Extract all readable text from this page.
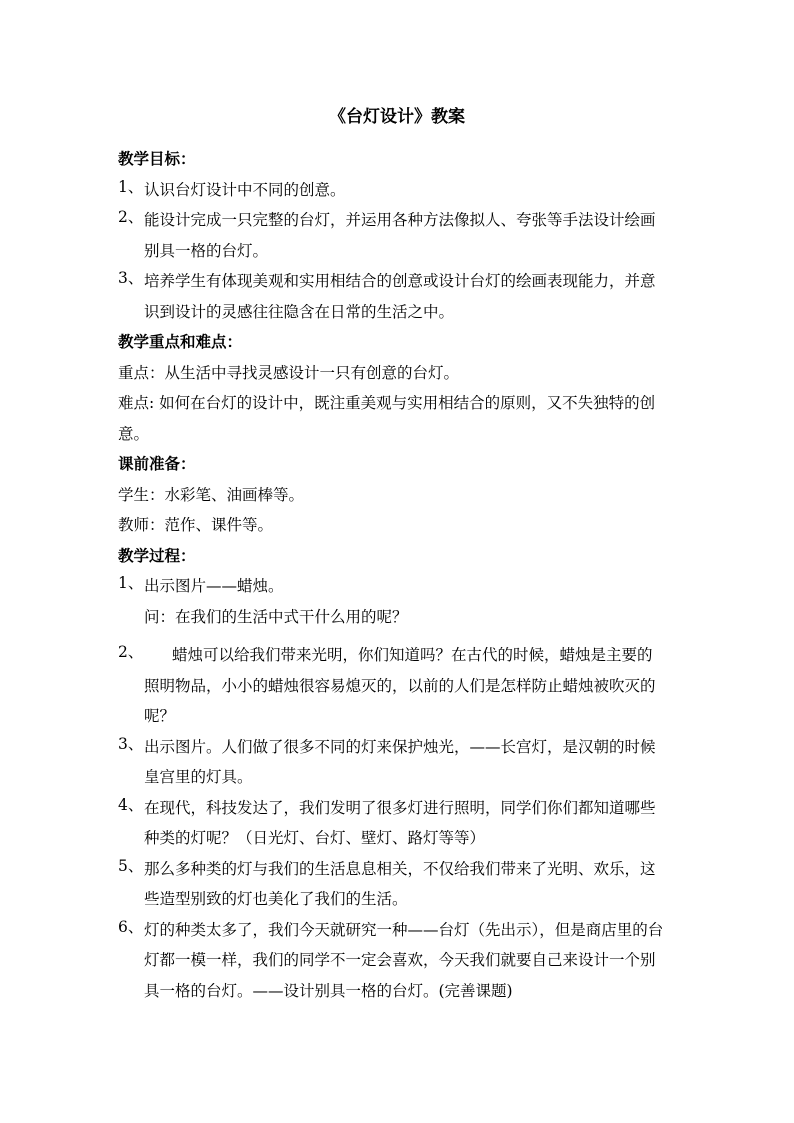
《台灯设计》教案
教学目标：
1、 认识台灯设计中不同的创意。
2、 能设计完成一只完整的台灯，并运用各种方法像拟人、夸张等手法设计绘画
别具一格的台灯。
3、 培养学生有体现美观和实用相结合的创意或设计台灯的绘画表现能力，并意
识到设计的灵感往往隐含在日常的生活之中。
教学重点和难点：
重点：从生活中寻找灵感设计一只有创意的台灯。
难点: 如何在台灯的设计中，既注重美观与实用相结合的原则，又不失独特的创
意。
课前准备：
学生：水彩笔、油画棒等。
教师：范作、课件等。
教学过程：
1、 出示图片——蜡烛。
问：在我们的生活中式干什么用的呢？
2、	蜡烛可以给我们带来光明，你们知道吗？在古代的时候，蜡烛是主要的
照明物品，小小的蜡烛很容易熄灭的，以前的人们是怎样防止蜡烛被吹灭的
呢？
3、 出示图片。人们做了很多不同的灯来保护烛光，——长宫灯，是汉朝的时候
皇宫里的灯具。
4、 在现代，科技发达了，我们发明了很多灯进行照明，同学们你们都知道哪些
种类的灯呢？（日光灯、台灯、壁灯、路灯等等）
5、 那么多种类的灯与我们的生活息息相关，不仅给我们带来了光明、欢乐，这
些造型别致的灯也美化了我们的生活。
6、 灯的种类太多了，我们今天就研究一种——台灯（先出示），但是商店里的台
灯都一模一样，我们的同学不一定会喜欢，今天我们就要自己来设计一个别
具一格的台灯。——设计别具一格的台灯。(完善课题)
